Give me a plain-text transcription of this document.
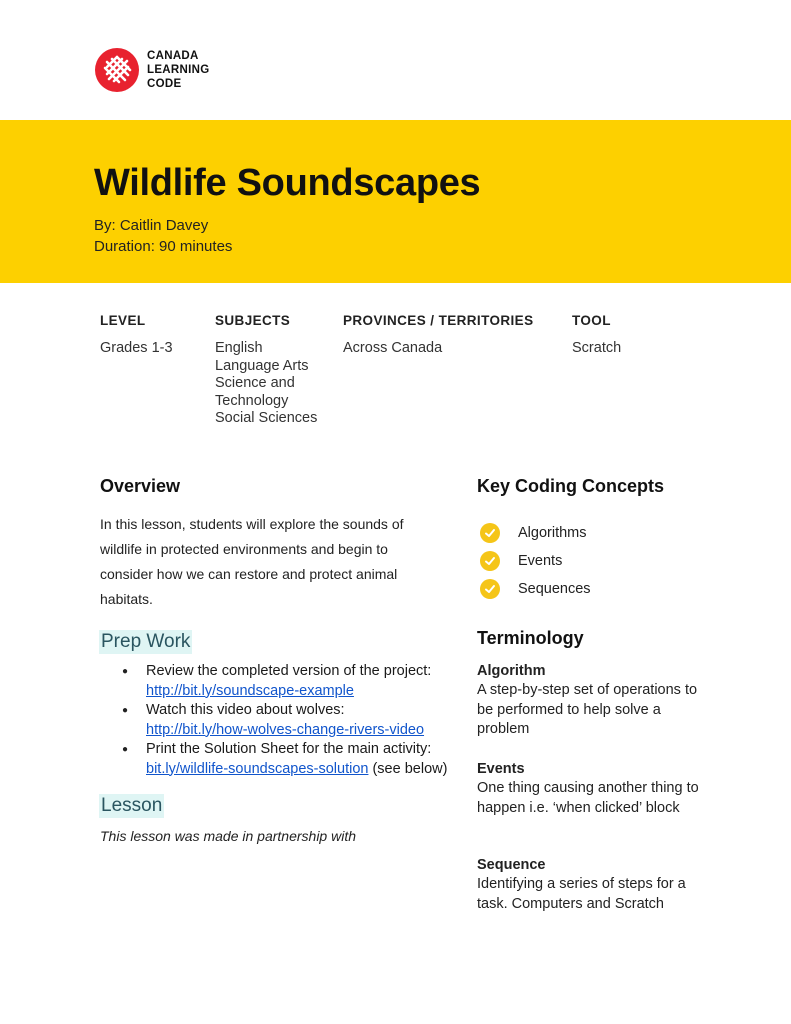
CANADA
LEARNING
CODE
Wildlife Soundscapes
By: Caitlin Davey
Duration: 90 minutes
LEVEL
Grades 1-3
SUBJECTS
English
Language Arts
Science and
Technology
Social Sciences
PROVINCES / TERRITORIES
Across Canada
TOOL
Scratch
Overview

In this lesson, students will explore the sounds of wildlife in protected environments and begin to consider how we can restore and protect animal habitats.

Prep Work
● Review the completed version of the project:
http://bit.ly/soundscape-example
● Watch this video about wolves:
http://bit.ly/how-wolves-change-rivers-video
● Print the Solution Sheet for the main activity:
bit.ly/wildlife-soundscapes-solution (see below)
Lesson
This lesson was made in partnership with
Key Coding Concepts
Algorithms
Events
Sequences
Terminology
Algorithm
A step-by-step set of operations to be performed to help solve a problem
Events
One thing causing another thing to happen i.e. ‘when clicked’ block
Sequence
Identifying a series of steps for a task. Computers and Scratch
